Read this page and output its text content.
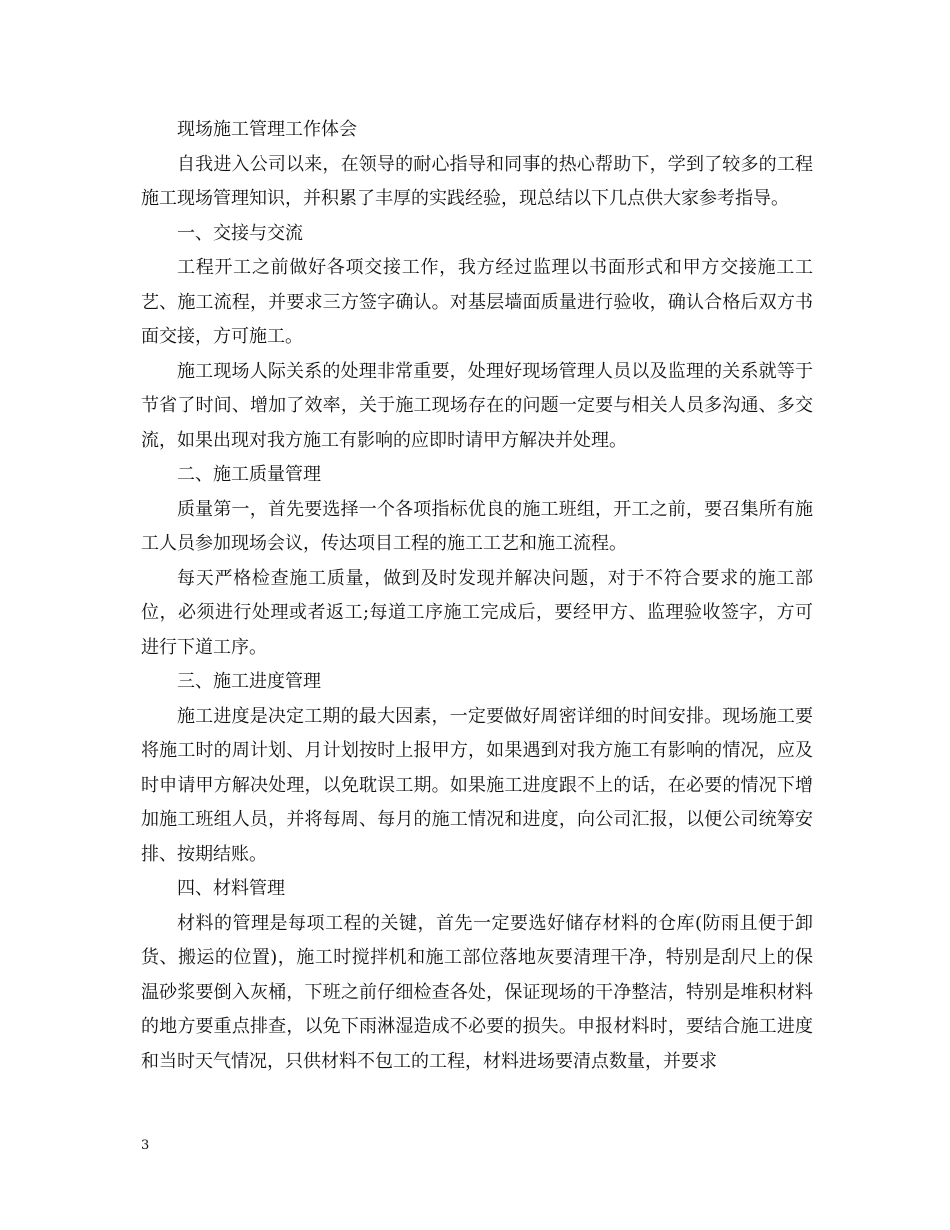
现场施工管理工作体会

自我进入公司以来，在领导的耐心指导和同事的热心帮助下，学到了较多的工程施工现场管理知识，并积累了丰厚的实践经验，现总结以下几点供大家参考指导。

一、交接与交流

工程开工之前做好各项交接工作，我方经过监理以书面形式和甲方交接施工工艺、施工流程，并要求三方签字确认。对基层墙面质量进行验收，确认合格后双方书面交接，方可施工。

施工现场人际关系的处理非常重要，处理好现场管理人员以及监理的关系就等于节省了时间、增加了效率，关于施工现场存在的问题一定要与相关人员多沟通、多交流，如果出现对我方施工有影响的应即时请甲方解决并处理。

二、施工质量管理

质量第一，首先要选择一个各项指标优良的施工班组，开工之前，要召集所有施工人员参加现场会议，传达项目工程的施工工艺和施工流程。

每天严格检查施工质量，做到及时发现并解决问题，对于不符合要求的施工部位，必须进行处理或者返工;每道工序施工完成后，要经甲方、监理验收签字，方可进行下道工序。

三、施工进度管理

施工进度是决定工期的最大因素，一定要做好周密详细的时间安排。现场施工要将施工时的周计划、月计划按时上报甲方，如果遇到对我方施工有影响的情况，应及时申请甲方解决处理，以免耽误工期。如果施工进度跟不上的话，在必要的情况下增加施工班组人员，并将每周、每月的施工情况和进度，向公司汇报，以便公司统筹安排、按期结账。

四、材料管理

材料的管理是每项工程的关键，首先一定要选好储存材料的仓库(防雨且便于卸货、搬运的位置)，施工时搅拌机和施工部位落地灰要清理干净，特别是刮尺上的保温砂浆要倒入灰桶，下班之前仔细检查各处，保证现场的干净整洁，特别是堆积材料的地方要重点排查，以免下雨淋湿造成不必要的损失。申报材料时，要结合施工进度和当时天气情况，只供材料不包工的工程，材料进场要清点数量，并要求

3
